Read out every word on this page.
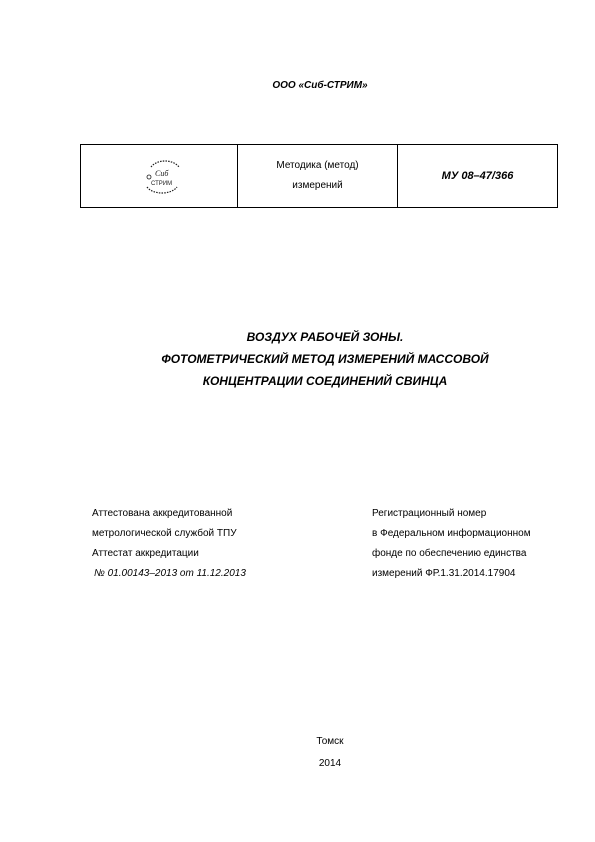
ООО «Сиб-СТРИМ»
Сиб
СТРИМ
Методика (метод)
измерений
МУ 08–47/366
ВОЗДУХ РАБОЧЕЙ ЗОНЫ.
ФОТОМЕТРИЧЕСКИЙ МЕТОД ИЗМЕРЕНИЙ МАССОВОЙ
КОНЦЕНТРАЦИИ СОЕДИНЕНИЙ СВИНЦА
Аттестована аккредитованной
метрологической службой ТПУ
Аттестат аккредитации
№ 01.00143–2013 от 11.12.2013
Регистрационный номер
в Федеральном информационном
фонде по обеспечению единства
измерений ФР.1.31.2014.17904
Томск
2014
